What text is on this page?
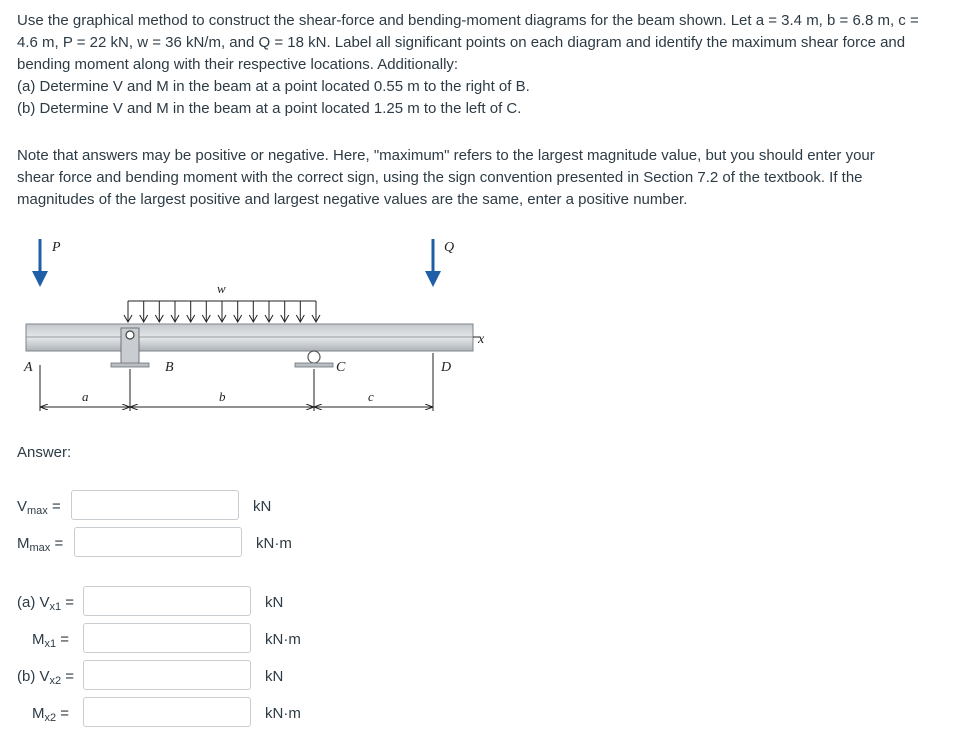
Use the graphical method to construct the shear-force and bending-moment diagrams for the beam shown. Let a = 3.4 m, b = 6.8 m, c =

4.6 m, P = 22 kN, w = 36 kN/m, and Q = 18 kN. Label all significant points on each diagram and identify the maximum shear force and

bending moment along with their respective locations. Additionally:

(a) Determine V and M in the beam at a point located 0.55 m to the right of B.

(b) Determine V and M in the beam at a point located 1.25 m to the left of C.

Note that answers may be positive or negative. Here, "maximum" refers to the largest magnitude value, but you should enter your

shear force and bending moment with the correct sign, using the sign convention presented in Section 7.2 of the textbook. If the

magnitudes of the largest positive and largest negative values are the same, enter a positive number.

P	Q
w
x
A	B	C	D
a	b	c
Answer:
$V_{max}$ =	kN
$M_{max}$ =	kN·m
(a) $V_{x1}$ =	kN
$M_{x1}$ =	kN·m
(b) $V_{x2}$ =	kN
$M_{x2}$ =	kN·m
